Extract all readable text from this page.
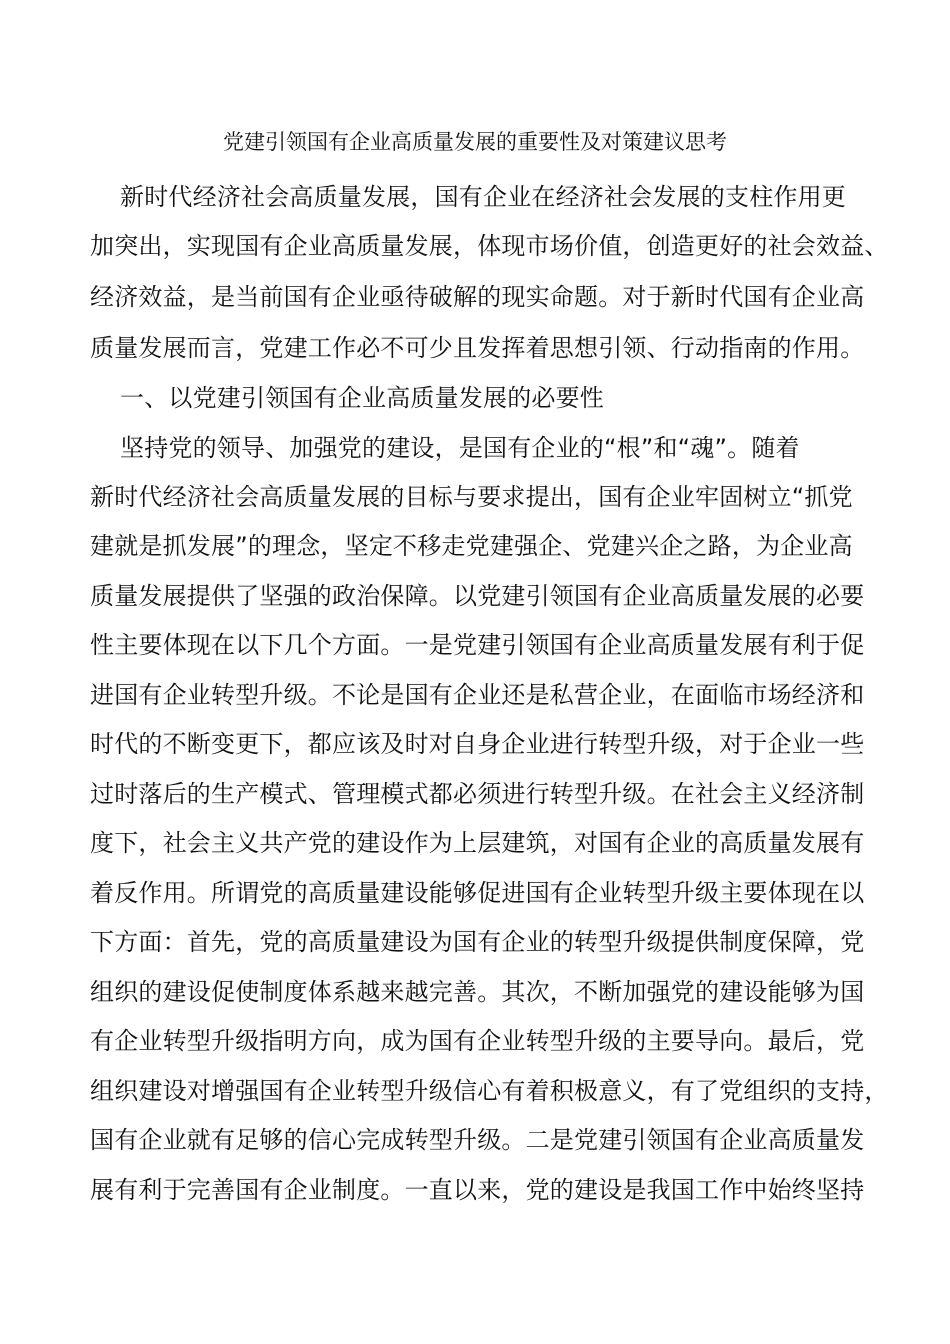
党建引领国有企业高质量发展的重要性及对策建议思考
新时代经济社会高质量发展，国有企业在经济社会发展的支柱作用更
加突出，实现国有企业高质量发展，体现市场价值，创造更好的社会效益、
经济效益，是当前国有企业亟待破解的现实命题。对于新时代国有企业高
质量发展而言，党建工作必不可少且发挥着思想引领、行动指南的作用。
一、以党建引领国有企业高质量发展的必要性
坚持党的领导、加强党的建设，是国有企业的“根”和“魂”。随着
新时代经济社会高质量发展的目标与要求提出，国有企业牢固树立“抓党
建就是抓发展”的理念，坚定不移走党建强企、党建兴企之路，为企业高
质量发展提供了坚强的政治保障。以党建引领国有企业高质量发展的必要
性主要体现在以下几个方面。一是党建引领国有企业高质量发展有利于促
进国有企业转型升级。不论是国有企业还是私营企业，在面临市场经济和
时代的不断变更下，都应该及时对自身企业进行转型升级，对于企业一些
过时落后的生产模式、管理模式都必须进行转型升级。在社会主义经济制
度下，社会主义共产党的建设作为上层建筑，对国有企业的高质量发展有
着反作用。所谓党的高质量建设能够促进国有企业转型升级主要体现在以
下方面：首先，党的高质量建设为国有企业的转型升级提供制度保障，党
组织的建设促使制度体系越来越完善。其次，不断加强党的建设能够为国
有企业转型升级指明方向，成为国有企业转型升级的主要导向。最后，党
组织建设对增强国有企业转型升级信心有着积极意义，有了党组织的支持，
国有企业就有足够的信心完成转型升级。二是党建引领国有企业高质量发
展有利于完善国有企业制度。一直以来，党的建设是我国工作中始终坚持
